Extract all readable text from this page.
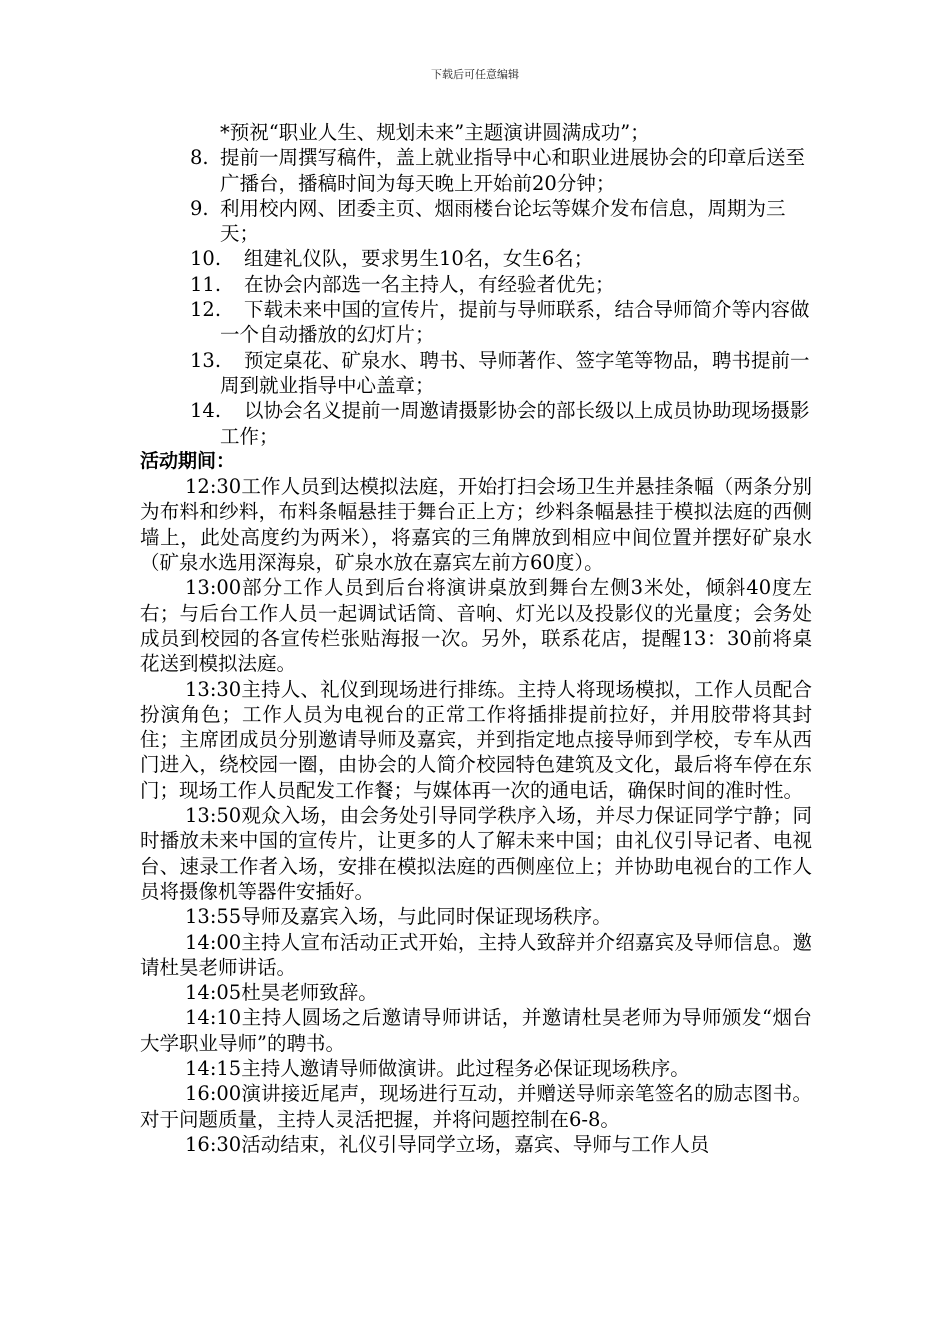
下载后可任意编辑
*预祝“职业人生、规划未来”主题演讲圆满成功”；
8. 提前一周撰写稿件，盖上就业指导中心和职业进展协会的印章后送至广播台，播稿时间为每天晚上开始前20分钟；
9. 利用校内网、团委主页、烟雨楼台论坛等媒介发布信息，周期为三天；
10.	组建礼仪队，要求男生10名，女生6名；
11.	在协会内部选一名主持人，有经验者优先；
12.	下载未来中国的宣传片，提前与导师联系，结合导师简介等内容做一个自动播放的幻灯片；
13.	预定桌花、矿泉水、聘书、导师著作、签字笔等物品，聘书提前一周到就业指导中心盖章；
14.	以协会名义提前一周邀请摄影协会的部长级以上成员协助现场摄影工作；
活动期间：
12:30工作人员到达模拟法庭，开始打扫会场卫生并悬挂条幅（两条分别为布料和纱料，布料条幅悬挂于舞台正上方；纱料条幅悬挂于模拟法庭的西侧墙上，此处高度约为两米），将嘉宾的三角牌放到相应中间位置并摆好矿泉水（矿泉水选用深海泉，矿泉水放在嘉宾左前方60度）。
13:00部分工作人员到后台将演讲桌放到舞台左侧3米处，倾斜40度左右；与后台工作人员一起调试话筒、音响、灯光以及投影仪的光量度；会务处成员到校园的各宣传栏张贴海报一次。另外，联系花店，提醒13：30前将桌花送到模拟法庭。
13:30主持人、礼仪到现场进行排练。主持人将现场模拟，工作人员配合扮演角色；工作人员为电视台的正常工作将插排提前拉好，并用胶带将其封住；主席团成员分别邀请导师及嘉宾，并到指定地点接导师到学校，专车从西门进入，绕校园一圈，由协会的人简介校园特色建筑及文化，最后将车停在东门；现场工作人员配发工作餐；与媒体再一次的通电话，确保时间的准时性。
13:50观众入场，由会务处引导同学秩序入场，并尽力保证同学宁静；同时播放未来中国的宣传片，让更多的人了解未来中国；由礼仪引导记者、电视台、速录工作者入场，安排在模拟法庭的西侧座位上；并协助电视台的工作人员将摄像机等器件安插好。
13:55导师及嘉宾入场，与此同时保证现场秩序。
14:00主持人宣布活动正式开始，主持人致辞并介绍嘉宾及导师信息。邀请杜昊老师讲话。
14:05杜昊老师致辞。
14:10主持人圆场之后邀请导师讲话，并邀请杜昊老师为导师颁发“烟台大学职业导师”的聘书。
14:15主持人邀请导师做演讲。此过程务必保证现场秩序。
16:00演讲接近尾声，现场进行互动，并赠送导师亲笔签名的励志图书。对于问题质量，主持人灵活把握，并将问题控制在6-8。
16:30活动结束，礼仪引导同学立场，嘉宾、导师与工作人员
